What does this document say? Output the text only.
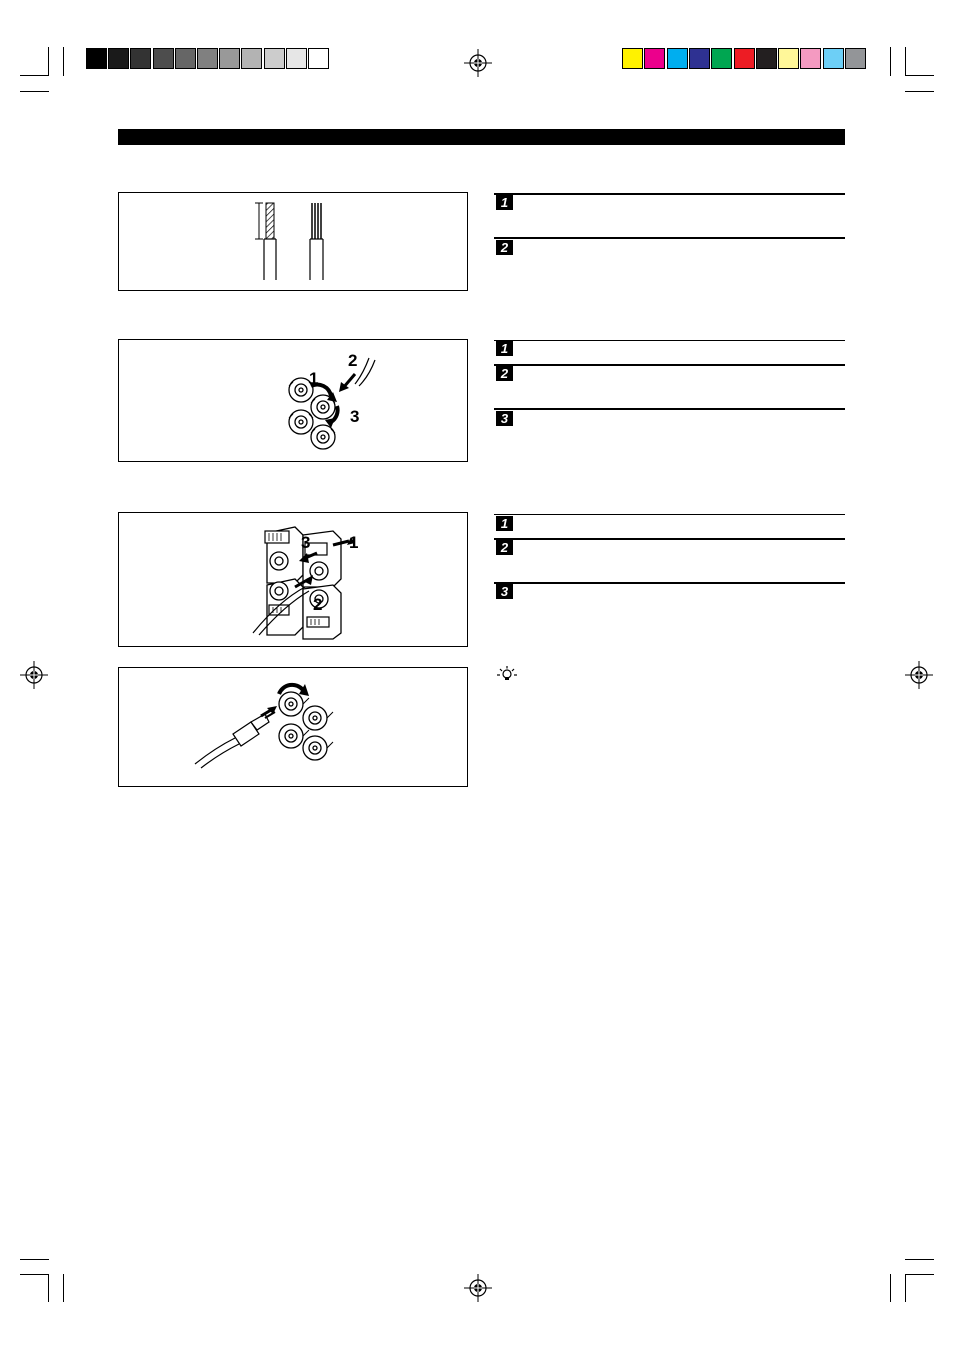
1
2
3
1
2
3
1
2
1
2
3
1
2
3
